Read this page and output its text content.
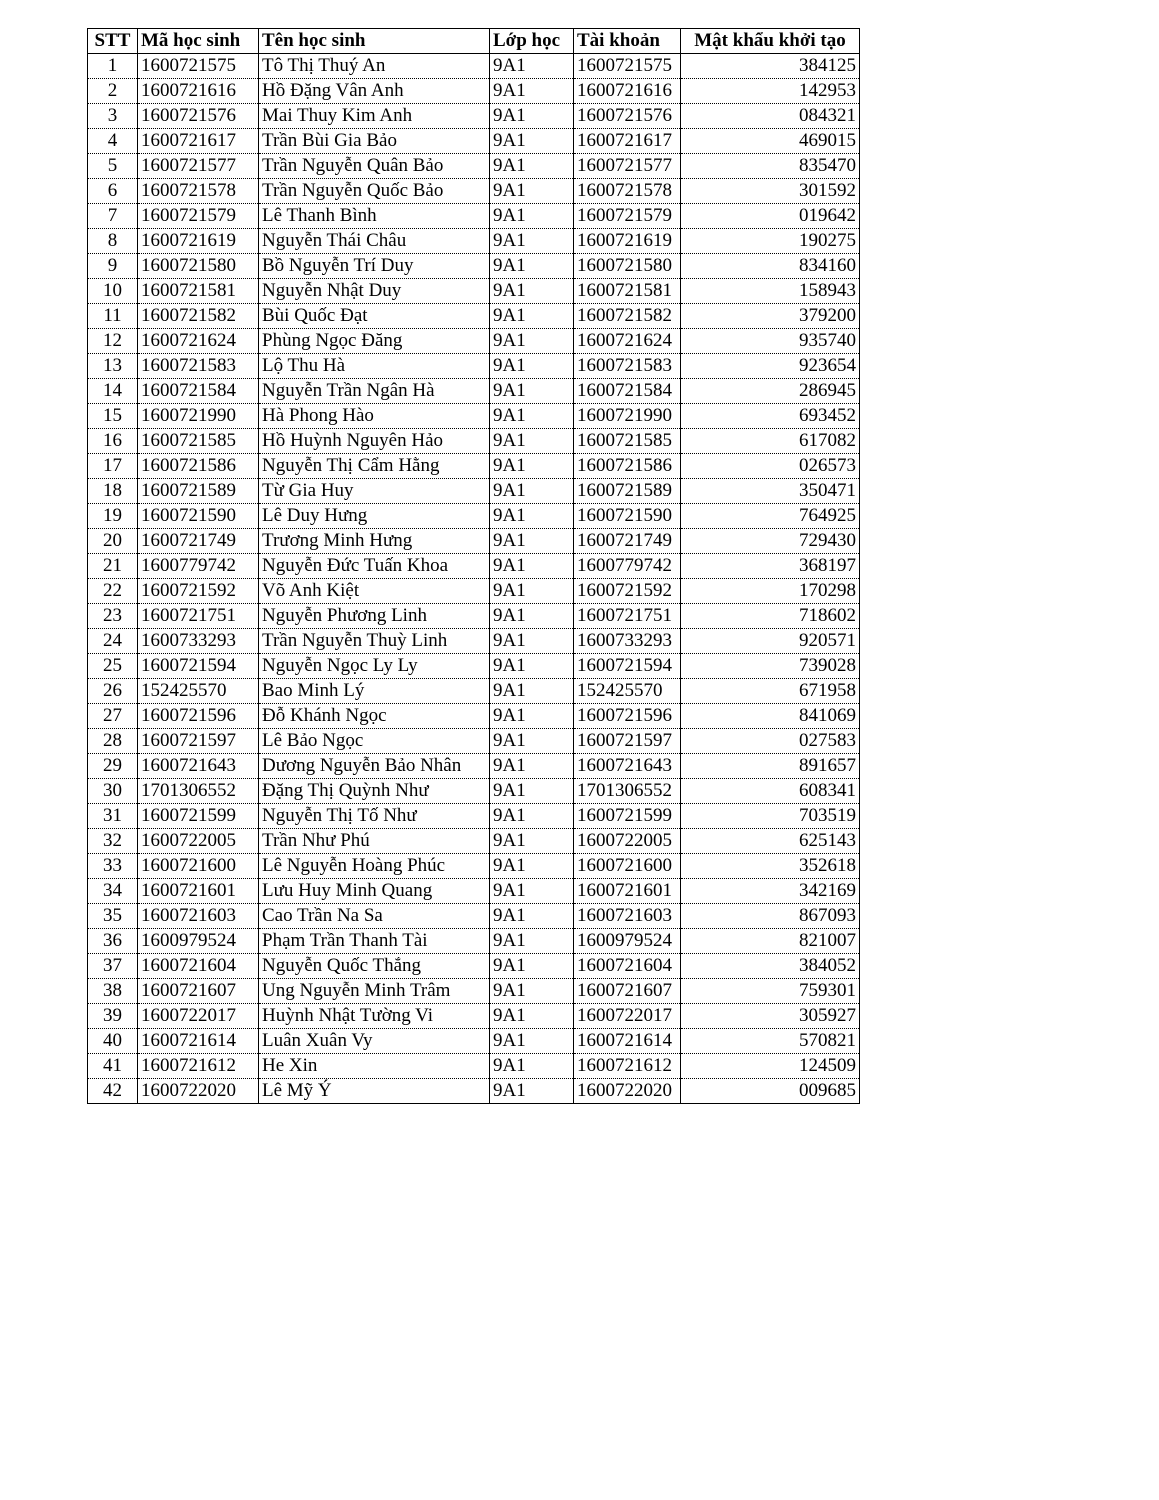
STT	Mã học sinh	Tên học sinh	Lớp học	Tài khoản	Mật khẩu khởi tạo
1	1600721575	Tô Thị Thuý An	9A1	1600721575	384125
2	1600721616	Hồ Đặng Vân Anh	9A1	1600721616	142953
3	1600721576	Mai Thuy Kim Anh	9A1	1600721576	084321
4	1600721617	Trần Bùi Gia Bảo	9A1	1600721617	469015
5	1600721577	Trần Nguyễn Quân Bảo	9A1	1600721577	835470
6	1600721578	Trần Nguyễn Quốc Bảo	9A1	1600721578	301592
7	1600721579	Lê Thanh Bình	9A1	1600721579	019642
8	1600721619	Nguyễn Thái Châu	9A1	1600721619	190275
9	1600721580	Bồ Nguyễn Trí Duy	9A1	1600721580	834160
10	1600721581	Nguyễn Nhật Duy	9A1	1600721581	158943
11	1600721582	Bùi Quốc Đạt	9A1	1600721582	379200
12	1600721624	Phùng Ngọc Đăng	9A1	1600721624	935740
13	1600721583	Lộ Thu Hà	9A1	1600721583	923654
14	1600721584	Nguyễn Trần Ngân Hà	9A1	1600721584	286945
15	1600721990	Hà Phong Hào	9A1	1600721990	693452
16	1600721585	Hồ Huỳnh Nguyên Hảo	9A1	1600721585	617082
17	1600721586	Nguyễn Thị Cẩm Hằng	9A1	1600721586	026573
18	1600721589	Từ Gia Huy	9A1	1600721589	350471
19	1600721590	Lê Duy Hưng	9A1	1600721590	764925
20	1600721749	Trương Minh Hưng	9A1	1600721749	729430
21	1600779742	Nguyễn Đức Tuấn Khoa	9A1	1600779742	368197
22	1600721592	Võ Anh Kiệt	9A1	1600721592	170298
23	1600721751	Nguyễn Phương Linh	9A1	1600721751	718602
24	1600733293	Trần Nguyễn Thuỳ Linh	9A1	1600733293	920571
25	1600721594	Nguyễn Ngọc Ly Ly	9A1	1600721594	739028
26	152425570	Bao Minh Lý	9A1	152425570	671958
27	1600721596	Đỗ Khánh Ngọc	9A1	1600721596	841069
28	1600721597	Lê Bảo Ngọc	9A1	1600721597	027583
29	1600721643	Dương Nguyễn Bảo Nhân	9A1	1600721643	891657
30	1701306552	Đặng Thị Quỳnh Như	9A1	1701306552	608341
31	1600721599	Nguyễn Thị Tố Như	9A1	1600721599	703519
32	1600722005	Trần Như Phú	9A1	1600722005	625143
33	1600721600	Lê Nguyễn Hoàng Phúc	9A1	1600721600	352618
34	1600721601	Lưu Huy Minh Quang	9A1	1600721601	342169
35	1600721603	Cao Trần Na Sa	9A1	1600721603	867093
36	1600979524	Phạm Trần Thanh Tài	9A1	1600979524	821007
37	1600721604	Nguyễn Quốc Thắng	9A1	1600721604	384052
38	1600721607	Ung Nguyễn Minh Trâm	9A1	1600721607	759301
39	1600722017	Huỳnh Nhật Tường Vi	9A1	1600722017	305927
40	1600721614	Luân Xuân Vy	9A1	1600721614	570821
41	1600721612	He Xin	9A1	1600721612	124509
42	1600722020	Lê Mỹ Ý	9A1	1600722020	009685
